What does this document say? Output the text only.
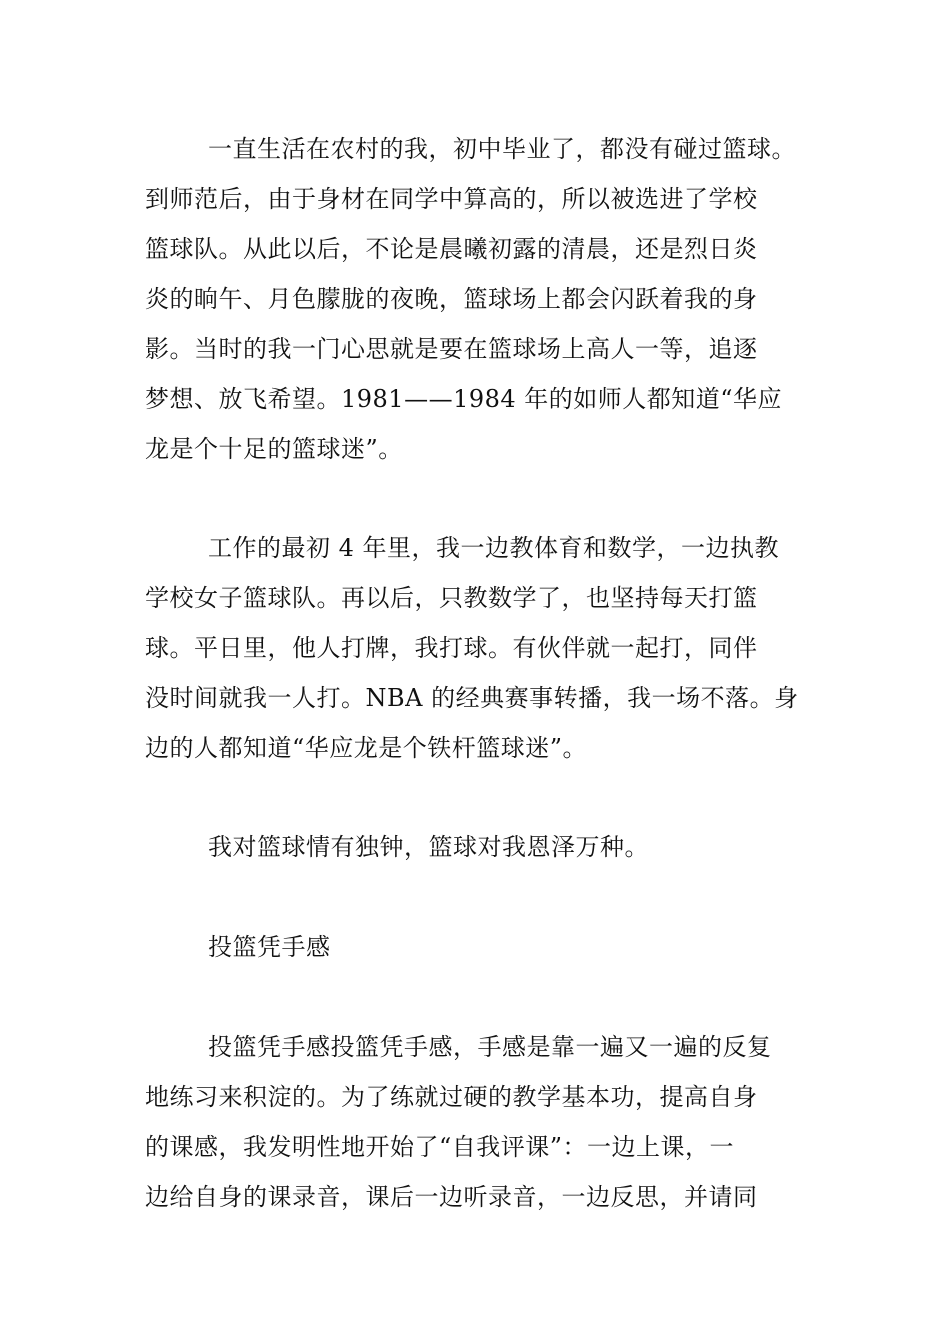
一直生活在农村的我，初中毕业了，都没有碰过篮球。
到师范后，由于身材在同学中算高的，所以被选进了学校
篮球队。从此以后，不论是晨曦初露的清晨，还是烈日炎
炎的晌午、月色朦胧的夜晚，篮球场上都会闪跃着我的身
影。当时的我一门心思就是要在篮球场上高人一等，追逐
梦想、放飞希望。1981——1984 年的如师人都知道“华应
龙是个十足的篮球迷”。
工作的最初 4 年里，我一边教体育和数学，一边执教
学校女子篮球队。再以后，只教数学了，也坚持每天打篮
球。平日里，他人打牌，我打球。有伙伴就一起打，同伴
没时间就我一人打。NBA 的经典赛事转播，我一场不落。身
边的人都知道“华应龙是个铁杆篮球迷”。
我对篮球情有独钟，篮球对我恩泽万种。
投篮凭手感
投篮凭手感投篮凭手感，手感是靠一遍又一遍的反复
地练习来积淀的。为了练就过硬的教学基本功，提高自身
的课感，我发明性地开始了“自我评课”：一边上课，一
边给自身的课录音，课后一边听录音，一边反思，并请同
